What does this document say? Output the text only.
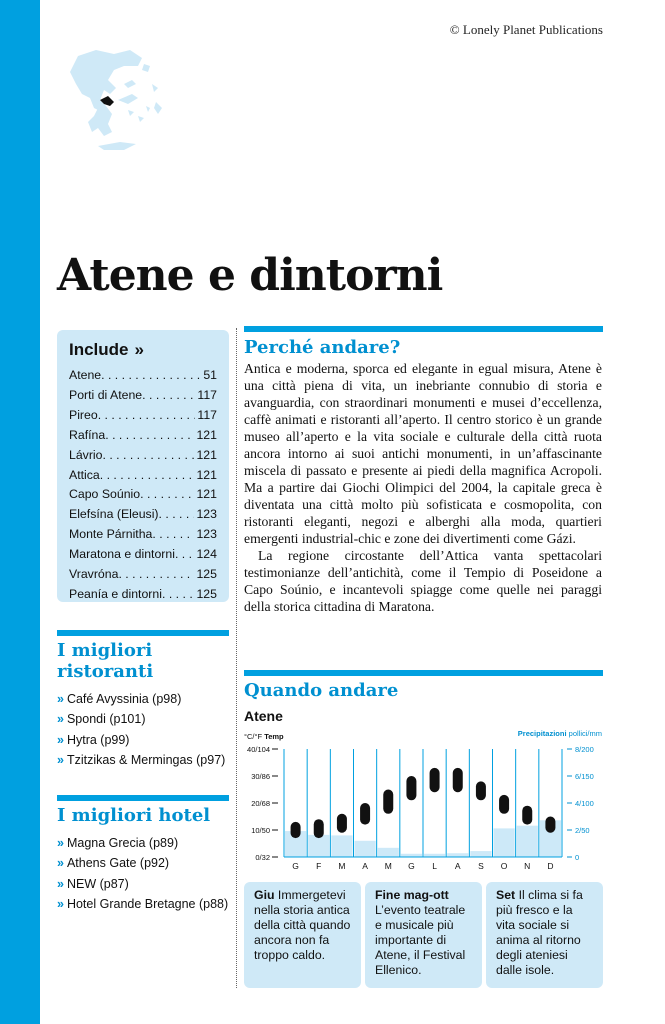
© Lonely Planet Publications
Atene e dintorni
Include »
Atene . . .	51
Porti di Atene . . .	117
Pireo . . .	117
Rafína . . .	121
Lávrio . . .	121
Attica . . .	121
Capo Soúnio . . .	121
Elefsína (Eleusi) . . .	123
Monte Párnitha . . .	123
Maratona e dintorni . . . 124
Vravróna . . .	125
Peanía e dintorni . . .	125
I migliori ristoranti
» Café Avyssinia (p98)
» Spondi (p101)
» Hytra (p99)
» Tzitzikas & Mermingas (p97)
I migliori hotel
» Magna Grecia (p89)
» Athens Gate (p92)
» NEW (p87)
» Hotel Grande Bretagne (p88)
Perché andare?

Antica e moderna, sporca ed elegante in egual misura, Atene è una città piena di vita, un inebriante connubio di storia e avanguardia, con straordinari monumenti e musei d’eccellenza, caffè animati e ristoranti all’aperto. Il centro storico è un grande museo all’aperto e la vita sociale e culturale della città ruota ancora intorno ai suoi antichi monumenti, in un’affascinante miscela di passato e presente ai piedi della magnifica Acropoli. Ma a partire dai Giochi Olimpici del 2004, la capitale greca è diventata una città molto più sofisticata e cosmopolita, con ristoranti eleganti, negozi e alberghi alla moda, quartieri emergenti industrial-chic e zone dei divertimenti come Gázi.

La regione circostante dell’Attica vanta spettacolari testimonianze dell’antichità, come il Tempio di Poseidone a Capo Soúnio, e incantevoli spiagge come quelle nei paraggi della storica cittadina di Maratona.

Quando andare
Atene
°C/°F Temp	Precipitazioni pollici/mm
G F M A M G L A S O N D
40/104
30/86
20/68
10/50
0/32
8/200
6/150
4/100
2/50
0
Giu Immergetevi nella storia antica della città quando ancora non fa troppo caldo.
Fine mag-ott L’evento teatrale e musicale più importante di Atene, il Festival Ellenico.
Set Il clima si fa più fresco e la vita sociale si anima al ritorno degli ateniesi dalle isole.
